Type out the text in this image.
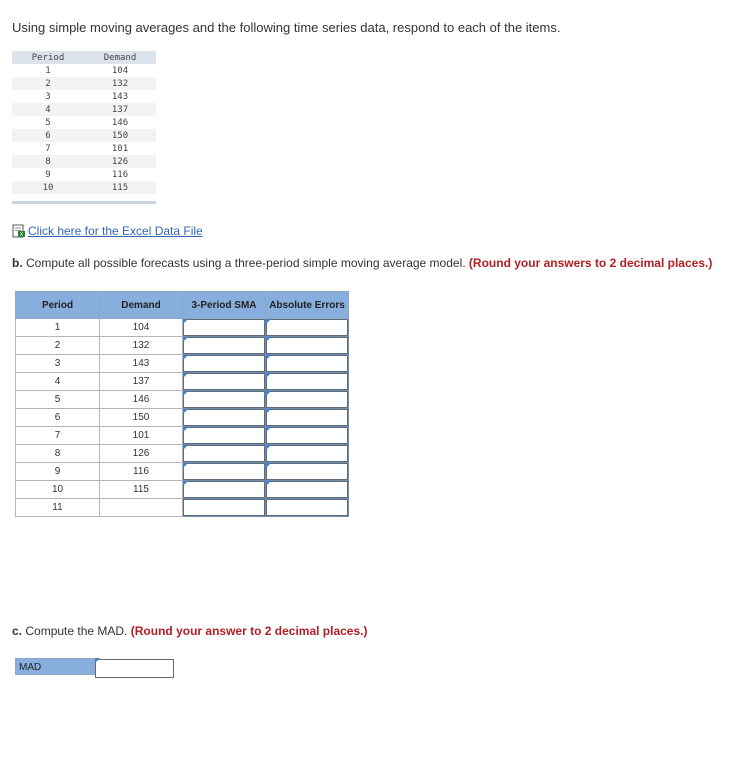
Using simple moving averages and the following time series data, respond to each of the items.
Period	Demand
1	104
2	132
3	143
4	137
5	146
6	150
7	101
8	126
9	116
10	115
X Click here for the Excel Data File
b. Compute all possible forecasts using a three-period simple moving average model. (Round your answers to 2 decimal places.)
Period	Demand	3-Period SMA	Absolute Errors
1	104	

2	132	

3	143	

4	137	

5	146	

6	150	

7	101	

8	126	

9	116	

10	115	

11			
c. Compute the MAD. (Round your answer to 2 decimal places.)
MAD
